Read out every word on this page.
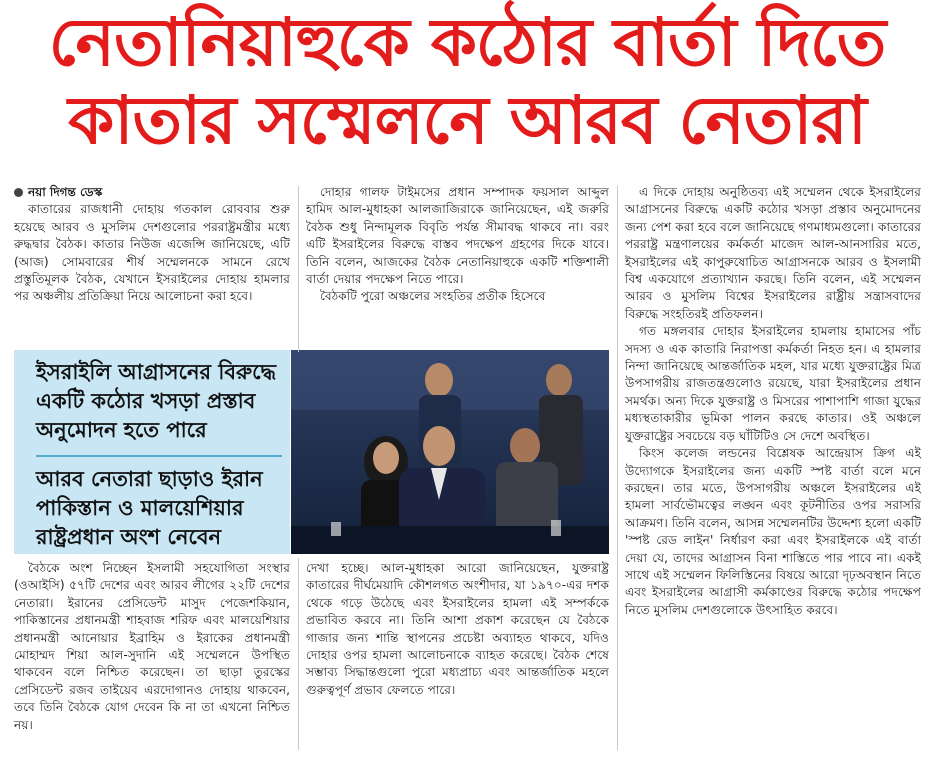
নেতানিয়াহুকে কঠোর বার্তা দিতে
কাতার সম্মেলনে আরব নেতারা

নয়া দিগন্ত ডেস্ক

কাতারের রাজধানী দোহায় গতকাল রোববার শুরু হয়েছে আরব ও মুসলিম দেশগুলোর পররাষ্ট্রমন্ত্রীর মধ্যে রুদ্ধদ্বার বৈঠক। কাতার নিউজ এজেন্সি জানিয়েছে, এটি (আজ) সোমবারের শীর্ষ সম্মেলনকে সামনে রেখে প্রস্তুতিমূলক বৈঠক, যেখানে ইসরাইলের দোহায় হামলার পর অঞ্চলীয় প্রতিক্রিয়া নিয়ে আলোচনা করা হবে।

ইসরাইলি আগ্রাসনের বিরুদ্ধে একটি কঠোর খসড়া প্রস্তাব অনুমোদন হতে পারে

আরব নেতারা ছাড়াও ইরান পাকিস্তান ও মালয়েশিয়ার রাষ্ট্রপ্রধান অংশ নেবেন

বৈঠকে অংশ নিচ্ছেন ইসলামী সহযোগিতা সংস্থার (ওআইসি) ৫৭টি দেশের এবং আরব লীগের ২২টি দেশের নেতারা। ইরানের প্রেসিডেন্ট মাসুদ পেজেশকিয়ান, পাকিস্তানের প্রধানমন্ত্রী শাহবাজ শরিফ এবং মালয়েশিয়ার প্রধানমন্ত্রী আনোয়ার ইব্রাহিম ও ইরাকের প্রধানমন্ত্রী মোহাম্মদ শিয়া আল-সুদানি এই সম্মেলনে উপস্থিত থাকবেন বলে নিশ্চিত করেছেন। তা ছাড়া তুরস্কের প্রেসিডেন্ট রজব তাইয়েব এরদোগানও দোহায় থাকবেন, তবে তিনি বৈঠকে যোগ দেবেন কি না তা এখনো নিশ্চিত নয়।

দোহার গালফ টাইমসের প্রধান সম্পাদক ফয়সাল আব্দুল হামিদ আল-মুধাহকা আলজাজিরাকে জানিয়েছেন, এই জরুরি বৈঠক শুধু নিন্দামূলক বিবৃতি পর্যন্ত সীমাবদ্ধ থাকবে না। বরং এটি ইসরাইলের বিরুদ্ধে বাস্তব পদক্ষেপ গ্রহণের দিকে যাবে। তিনি বলেন, আজকের বৈঠক নেতানিয়াহুকে একটি শক্তিশালী বার্তা দেয়ার পদক্ষেপ নিতে পারে।

বৈঠকটি পুরো অঞ্চলের সংহতির প্রতীক হিসেবে

দেখা হচ্ছে। আল-মুধাহকা আরো জানিয়েছেন, যুক্তরাষ্ট্র কাতারের দীর্ঘমেয়াদি কৌশলগত অংশীদার, যা ১৯৭০-এর দশক থেকে গড়ে উঠেছে এবং ইসরাইলের হামলা এই সম্পর্ককে প্রভাবিত করবে না। তিনি আশা প্রকাশ করেছেন যে বৈঠকে গাজার জন্য শান্তি স্থাপনের প্রচেষ্টা অব্যাহত থাকবে, যদিও দোহার ওপর হামলা আলোচনাকে ব্যাহত করেছে। বৈঠক শেষে সম্ভাব্য সিদ্ধান্তগুলো পুরো মধ্যপ্রাচ্য এবং আন্তর্জাতিক মহলে গুরুত্বপূর্ণ প্রভাব ফেলতে পারে।

এ দিকে দোহায় অনুষ্ঠিতব্য এই সম্মেলন থেকে ইসরাইলের আগ্রাসনের বিরুদ্ধে একটি কঠোর খসড়া প্রস্তাব অনুমোদনের জন্য পেশ করা হবে বলে জানিয়েছে গণমাধ্যমগুলো। কাতারের পররাষ্ট্র মন্ত্রণালয়ের কর্মকর্তা মাজেদ আল-আনসারির মতে, ইসরাইলের এই কাপুরুষোচিত আগ্রাসনকে আরব ও ইসলামী বিশ্ব একযোগে প্রত্যাখ্যান করছে। তিনি বলেন, এই সম্মেলন আরব ও মুসলিম বিশ্বের ইসরাইলের রাষ্ট্রীয় সন্ত্রাসবাদের বিরুদ্ধে সংহতিরই প্রতিফলন।

গত মঙ্গলবার দোহার ইসরাইলের হামলায় হামাসের পাঁচ সদস্য ও এক কাতারি নিরাপত্তা কর্মকর্তা নিহত হন। এ হামলার নিন্দা জানিয়েছে আন্তর্জাতিক মহল, যার মধ্যে যুক্তরাষ্ট্রের মিত্র উপসাগরীয় রাজতন্ত্রগুলোও রয়েছে, যারা ইসরাইলের প্রধান সমর্থক। অন্য দিকে যুক্তরাষ্ট্র ও মিসরের পাশাপাশি গাজা যুদ্ধের মধ্যস্থতাকারীর ভূমিকা পালন করছে কাতার। ওই অঞ্চলে যুক্তরাষ্ট্রের সবচেয়ে বড় ঘাঁটিটিও সে দেশে অবস্থিত।

কিংস কলেজ লন্ডনের বিশ্লেষক আন্দ্রেয়াস ক্রিগ এই উদ্যোগকে ইসরাইলের জন্য একটি স্পষ্ট বার্তা বলে মনে করছেন। তার মতে, উপসাগরীয় অঞ্চলে ইসরাইলের এই হামলা সার্বভৌমত্বের লঙ্ঘন এবং কূটনীতির ওপর সরাসরি আক্রমণ। তিনি বলেন, আসন্ন সম্মেলনটির উদ্দেশ্য হলো একটি 'স্পষ্ট রেড লাইন' নির্ধারণ করা এবং ইসরাইলকে এই বার্তা দেয়া যে, তাদের আগ্রাসন বিনা শাস্তিতে পার পাবে না। একই সাথে এই সম্মেলন ফিলিস্তিনের বিষয়ে আরো দৃঢ়অবস্থান নিতে এবং ইসরাইলের আগ্রাসী কর্মকাণ্ডের বিরুদ্ধে কঠোর পদক্ষেপ নিতে মুসলিম দেশগুলোকে উৎসাহিত করবে।
